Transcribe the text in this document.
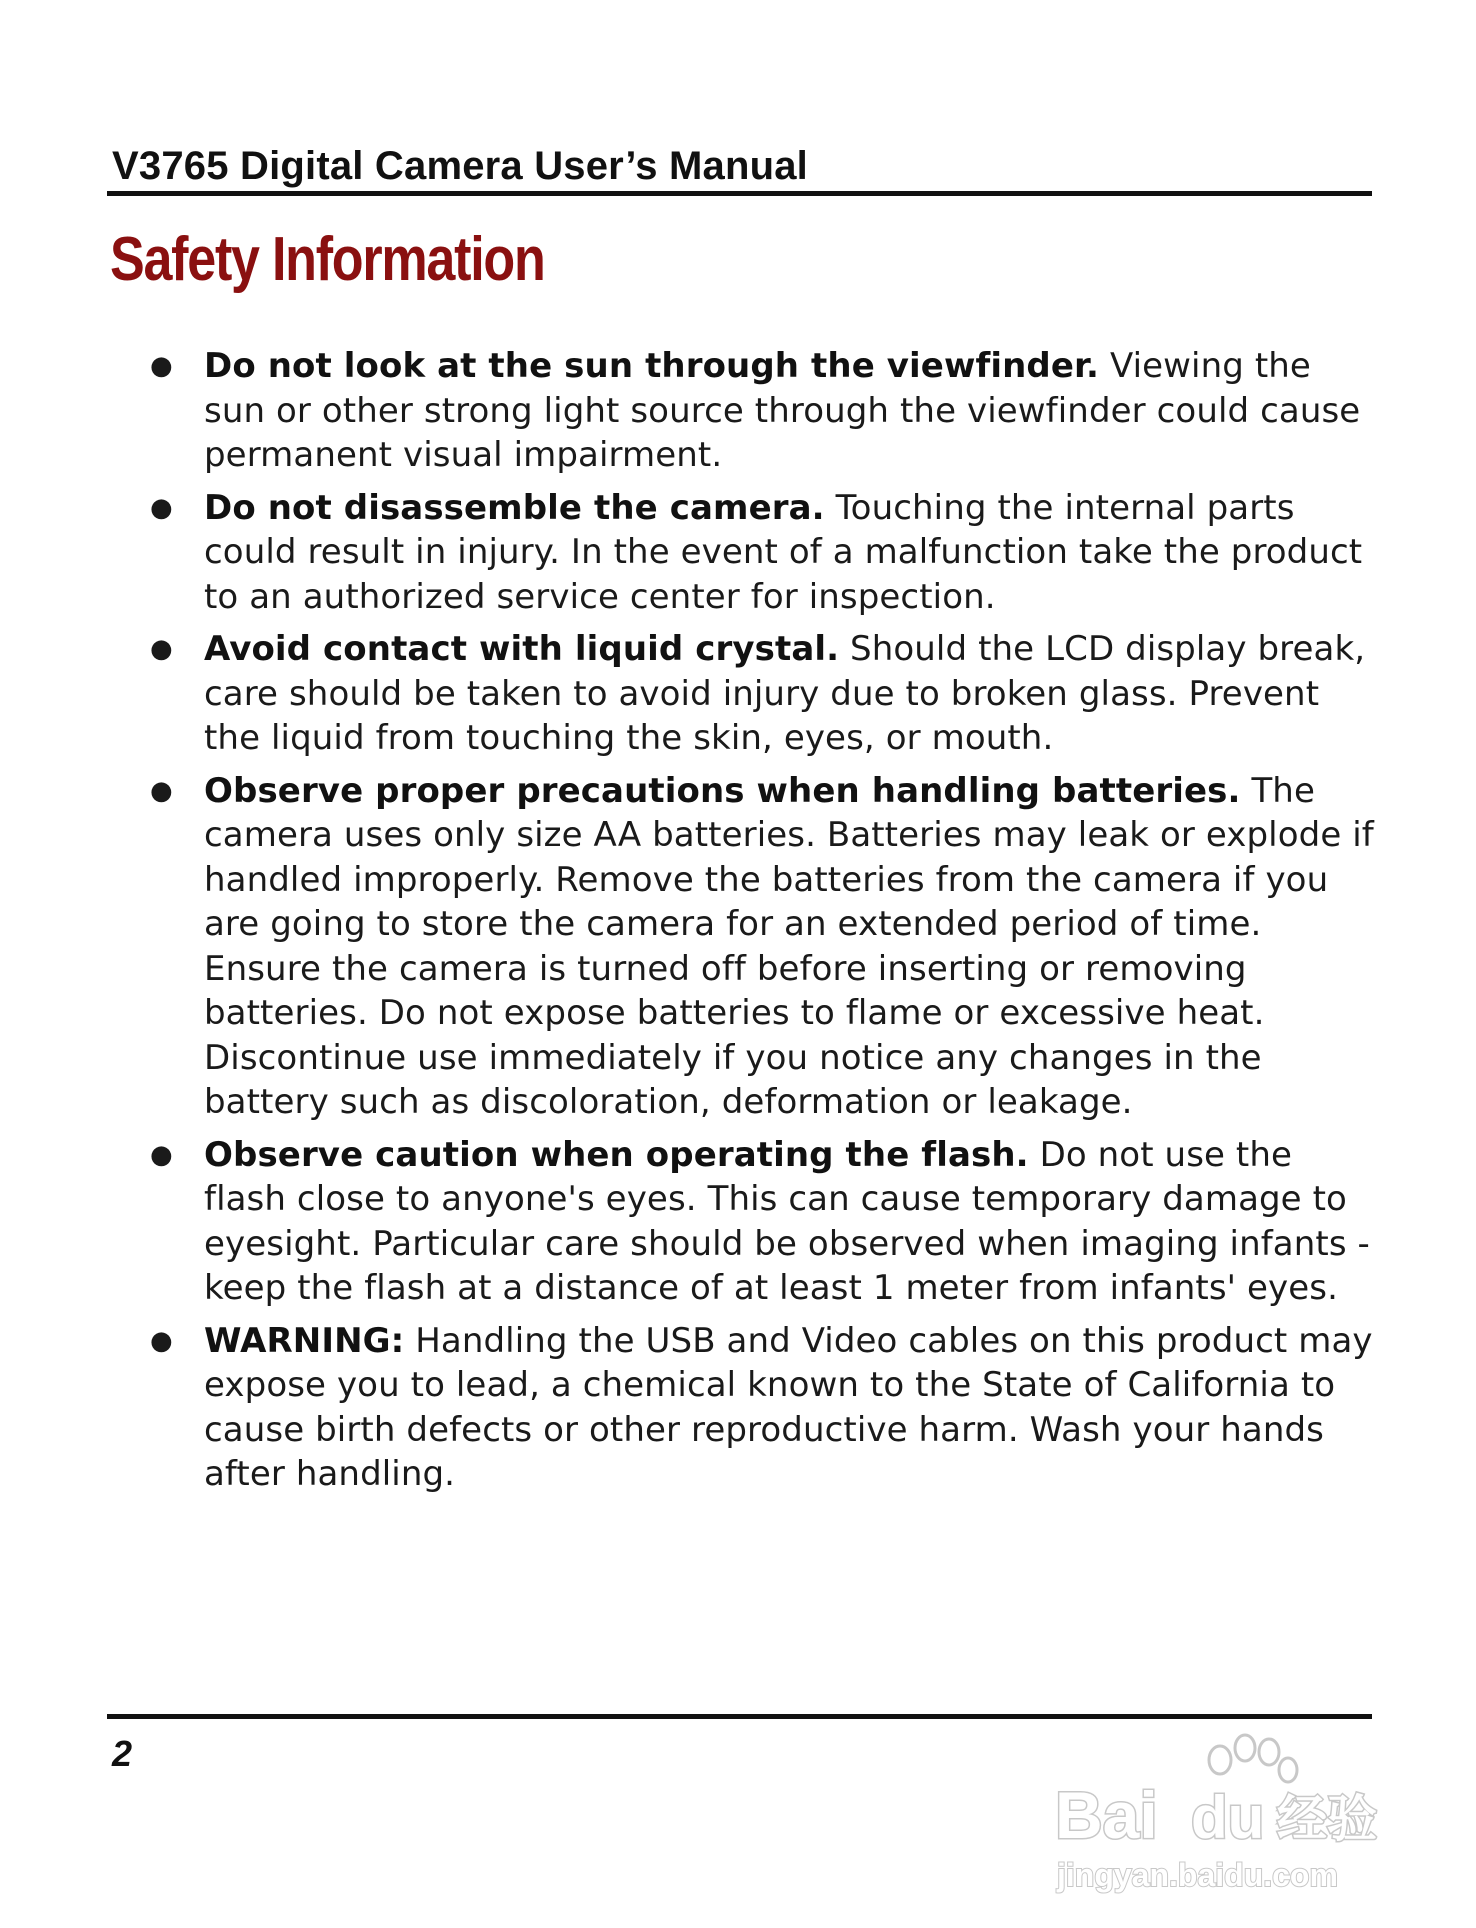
V3765 Digital Camera User’s Manual
Safety Information
● Do not look at the sun through the viewfinder. Viewing the sun or other strong light source through the viewfinder could cause permanent visual impairment.
● Do not disassemble the camera. Touching the internal parts could result in injury. In the event of a malfunction take the product to an authorized service center for inspection.
● Avoid contact with liquid crystal. Should the LCD display break, care should be taken to avoid injury due to broken glass. Prevent the liquid from touching the skin, eyes, or mouth.
● Observe proper precautions when handling batteries. The camera uses only size AA batteries. Batteries may leak or explode if handled improperly. Remove the batteries from the camera if you are going to store the camera for an extended period of time. Ensure the camera is turned off before inserting or removing batteries. Do not expose batteries to flame or excessive heat. Discontinue use immediately if you notice any changes in the battery such as discoloration, deformation or leakage.
● Observe caution when operating the flash. Do not use the flash close to anyone's eyes. This can cause temporary damage to eyesight. Particular care should be observed when imaging infants - keep the flash at a distance of at least 1 meter from infants' eyes.
● WARNING: Handling the USB and Video cables on this product may expose you to lead, a chemical known to the State of California to cause birth defects or other reproductive harm. Wash your hands after handling.
2
Bai du 经验
jingyan.baidu.com
